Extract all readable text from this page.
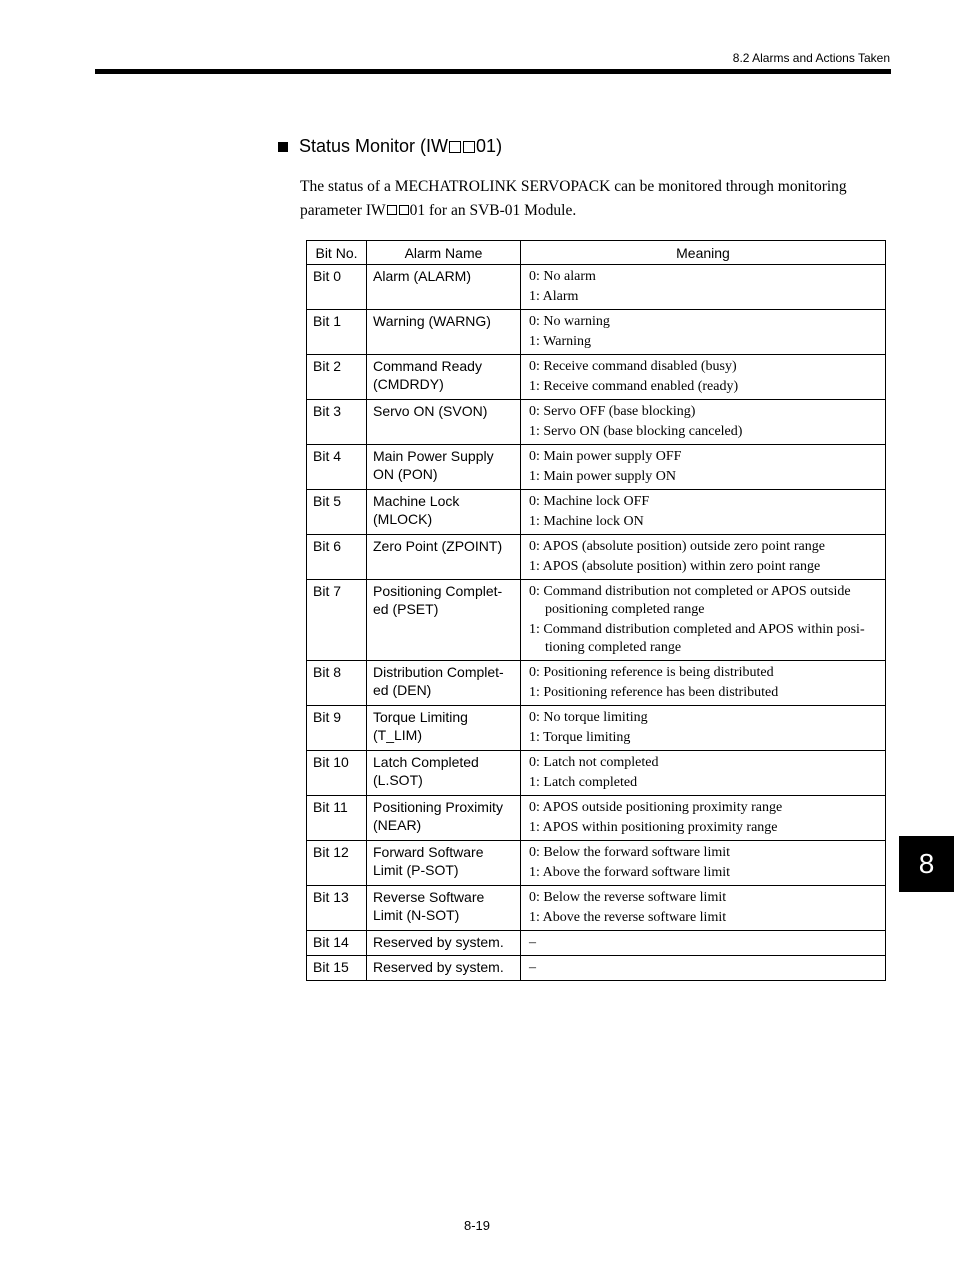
8.2 Alarms and Actions Taken
Status Monitor (IW 01)
The status of a MECHATROLINK SERVOPACK can be monitored through monitoring parameter IW 01 for an SVB-01 Module.
Bit No.	Alarm Name	Meaning
Bit 0	Alarm (ALARM)	0: No alarm
1: Alarm

Bit 1	Warning (WARNG)	0: No warning
1: Warning

Bit 2	Command Ready (CMDRDY)	0: Receive command disabled (busy)
1: Receive command enabled (ready)

Bit 3	Servo ON (SVON)	0: Servo OFF (base blocking)
1: Servo ON (base blocking canceled)

Bit 4	Main Power Supply ON (PON)	0: Main power supply OFF
1: Main power supply ON

Bit 5	Machine Lock (MLOCK)	0: Machine lock OFF
1: Machine lock ON

Bit 6	Zero Point (ZPOINT)	0: APOS (absolute position) outside zero point range
1: APOS (absolute position) within zero point range

Bit 7	Positioning Complet-ed (PSET)	0: Command distribution not completed or APOS outside positioning completed range
1: Command distribution completed and APOS within posi-tioning completed range

Bit 8	Distribution Complet-ed (DEN)	0: Positioning reference is being distributed
1: Positioning reference has been distributed

Bit 9	Torque Limiting (T_LIM)	0: No torque limiting
1: Torque limiting

Bit 10	Latch Completed (L.SOT)	0: Latch not completed
1: Latch completed

Bit 11	Positioning Proximity (NEAR)	0: APOS outside positioning proximity range
1: APOS within positioning proximity range

Bit 12	Forward Software Limit (P-SOT)	0: Below the forward software limit
1: Above the forward software limit

Bit 13	Reverse Software Limit (N-SOT)	0: Below the reverse software limit
1: Above the reverse software limit

Bit 14	Reserved by system.	–

Bit 15	Reserved by system.	–
8
8-19
